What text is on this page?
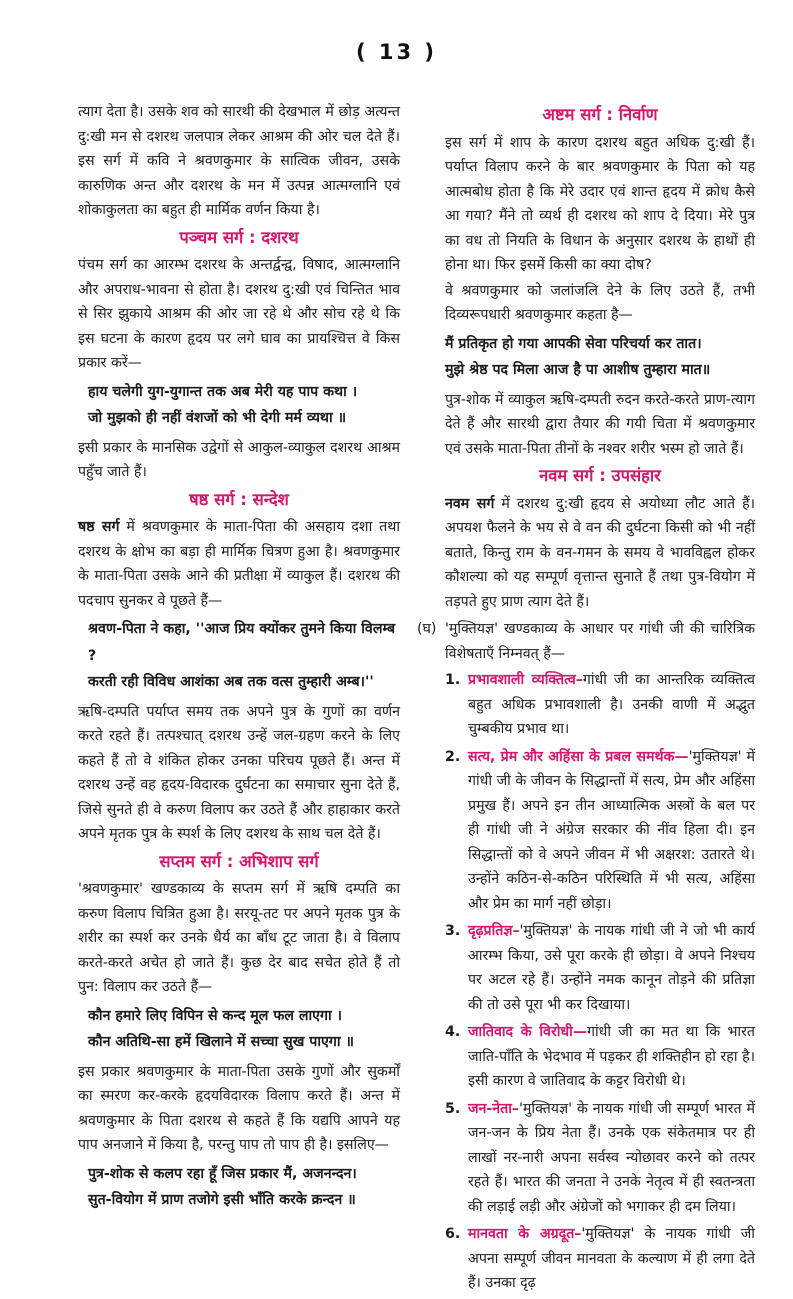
( 13 )
त्याग देता है। उसके शव को सारथी की देखभाल में छोड़ अत्यन्त दु:खी मन से दशरथ जलपात्र लेकर आश्रम की ओर चल देते हैं। इस सर्ग में कवि ने श्रवणकुमार के सात्विक जीवन, उसके कारुणिक अन्त और दशरथ के मन में उत्पन्न आत्मग्लानि एवं शोकाकुलता का बहुत ही मार्मिक वर्णन किया है।
पञ्चम सर्ग : दशरथ
पंचम सर्ग का आरम्भ दशरथ के अन्तर्द्वन्द्व, विषाद, आत्मग्लानि और अपराध-भावना से होता है। दशरथ दु:खी एवं चिन्तित भाव से सिर झुकाये आश्रम की ओर जा रहे थे और सोच रहे थे कि इस घटना के कारण हृदय पर लगे घाव का प्रायश्चित्त वे किस प्रकार करें—
हाय चलेगी युग-युगान्त तक अब मेरी यह पाप कथा ।
जो मुझको ही नहीं वंशजों को भी देगी मर्म व्यथा ॥
इसी प्रकार के मानसिक उद्वेगों से आकुल-व्याकुल दशरथ आश्रम पहुँच जाते हैं।
षष्ठ सर्ग : सन्देश
षष्ठ सर्ग में श्रवणकुमार के माता-पिता की असहाय दशा तथा दशरथ के क्षोभ का बड़ा ही मार्मिक चित्रण हुआ है। श्रवणकुमार के माता-पिता उसके आने की प्रतीक्षा में व्याकुल हैं। दशरथ की पदचाप सुनकर वे पूछते हैं—
श्रवण-पिता ने कहा, ''आज प्रिय क्योंकर तुमने किया विलम्ब ?
करती रही विविध आशंका अब तक वत्स तुम्हारी अम्ब।''
ऋषि-दम्पति पर्याप्त समय तक अपने पुत्र के गुणों का वर्णन करते रहते हैं। तत्पश्चात् दशरथ उन्हें जल-ग्रहण करने के लिए कहते हैं तो वे शंकित होकर उनका परिचय पूछते हैं। अन्त में दशरथ उन्हें वह हृदय-विदारक दुर्घटना का समाचार सुना देते हैं, जिसे सुनते ही वे करुण विलाप कर उठते हैं और हाहाकार करते अपने मृतक पुत्र के स्पर्श के लिए दशरथ के साथ चल देते हैं।
सप्तम सर्ग : अभिशाप सर्ग
'श्रवणकुमार' खण्डकाव्य के सप्तम सर्ग में ऋषि दम्पति का करुण विलाप चित्रित हुआ है। सरयू-तट पर अपने मृतक पुत्र के शरीर का स्पर्श कर उनके धैर्य का बाँध टूट जाता है। वे विलाप करते-करते अचेत हो जाते हैं। कुछ देर बाद सचेत होते हैं तो पुन: विलाप कर उठते हैं—
कौन हमारे लिए विपिन से कन्द मूल फल लाएगा ।
कौन अतिथि-सा हमें खिलाने में सच्चा सुख पाएगा ॥
इस प्रकार श्रवणकुमार के माता-पिता उसके गुणों और सुकर्मों का स्मरण कर-करके हृदयविदारक विलाप करते हैं। अन्त में श्रवणकुमार के पिता दशरथ से कहते हैं कि यद्यपि आपने यह पाप अनजाने में किया है, परन्तु पाप तो पाप ही है। इसलिए—
पुत्र-शोक से कलप रहा हूँ जिस प्रकार मैं, अजनन्दन।
सुत-वियोग में प्राण तजोगे इसी भाँति करके क्रन्दन ॥
अष्टम सर्ग : निर्वाण
इस सर्ग में शाप के कारण दशरथ बहुत अधिक दु:खी हैं। पर्याप्त विलाप करने के बार श्रवणकुमार के पिता को यह आत्मबोध होता है कि मेरे उदार एवं शान्त हृदय में क्रोध कैसे आ गया? मैंने तो व्यर्थ ही दशरथ को शाप दे दिया। मेरे पुत्र का वध तो नियति के विधान के अनुसार दशरथ के हाथों ही होना था। फिर इसमें किसी का क्या दोष?
वे श्रवणकुमार को जलांजलि देने के लिए उठते हैं, तभी दिव्यरूपधारी श्रवणकुमार कहता है—
मैं प्रतिकृत हो गया आपकी सेवा परिचर्या कर तात।
मुझे श्रेष्ठ पद मिला आज है पा आशीष तुम्हारा मात॥
पुत्र-शोक में व्याकुल ऋषि-दम्पती रुदन करते-करते प्राण-त्याग देते हैं और सारथी द्वारा तैयार की गयी चिता में श्रवणकुमार एवं उसके माता-पिता तीनों के नश्वर शरीर भस्म हो जाते हैं।
नवम सर्ग : उपसंहार
नवम सर्ग में दशरथ दु:खी हृदय से अयोध्या लौट आते हैं। अपयश फैलने के भय से वे वन की दुर्घटना किसी को भी नहीं बताते, किन्तु राम के वन-गमन के समय वे भावविह्वल होकर कौशल्या को यह सम्पूर्ण वृत्तान्त सुनाते हैं तथा पुत्र-वियोग में तड़पते हुए प्राण त्याग देते हैं।
(घ) 'मुक्तियज्ञ' खण्डकाव्य के आधार पर गांधी जी की चारित्रिक विशेषताएँ निम्नवत् हैं—
1. प्रभावशाली व्यक्तित्व–गांधी जी का आन्तरिक व्यक्तित्व बहुत अधिक प्रभावशाली है। उनकी वाणी में अद्भुत चुम्बकीय प्रभाव था।
2. सत्य, प्रेम और अहिंसा के प्रबल समर्थक—'मुक्तियज्ञ' में गांधी जी के जीवन के सिद्धान्तों में सत्य, प्रेम और अहिंसा प्रमुख हैं। अपने इन तीन आध्यात्मिक अस्त्रों के बल पर ही गांधी जी ने अंग्रेज सरकार की नींव हिला दी। इन सिद्धान्तों को वे अपने जीवन में भी अक्षरश: उतारते थे। उन्होंने कठिन-से-कठिन परिस्थिति में भी सत्य, अहिंसा और प्रेम का मार्ग नहीं छोड़ा।
3. दृढ़प्रतिज्ञ–'मुक्तियज्ञ' के नायक गांधी जी ने जो भी कार्य आरम्भ किया, उसे पूरा करके ही छोड़ा। वे अपने निश्चय पर अटल रहे हैं। उन्होंने नमक कानून तोड़ने की प्रतिज्ञा की तो उसे पूरा भी कर दिखाया।
4. जातिवाद के विरोधी—गांधी जी का मत था कि भारत जाति-पाँति के भेदभाव में पड़कर ही शक्तिहीन हो रहा है। इसी कारण वे जातिवाद के कट्टर विरोधी थे।
5. जन-नेता–'मुक्तियज्ञ' के नायक गांधी जी सम्पूर्ण भारत में जन-जन के प्रिय नेता हैं। उनके एक संकेतमात्र पर ही लाखों नर-नारी अपना सर्वस्व न्योछावर करने को तत्पर रहते हैं। भारत की जनता ने उनके नेतृत्व में ही स्वतन्त्रता की लड़ाई लड़ी और अंग्रेजों को भगाकर ही दम लिया।
6. मानवता के अग्रदूत–'मुक्तियज्ञ' के नायक गांधी जी अपना सम्पूर्ण जीवन मानवता के कल्याण में ही लगा देते हैं। उनका दृढ़
